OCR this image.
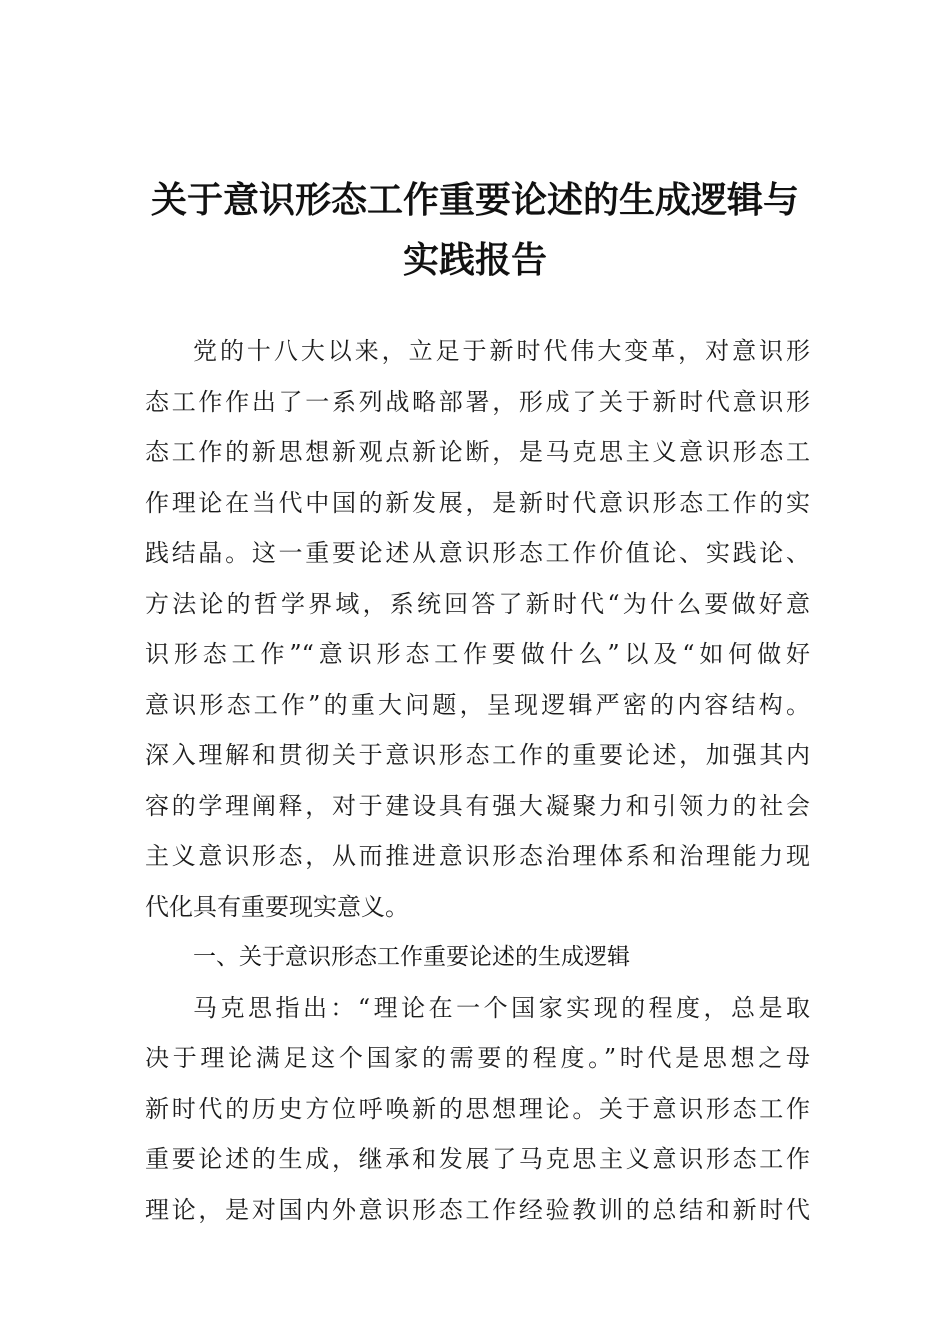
关于意识形态工作重要论述的生成逻辑与
实践报告
党的十八大以来，立足于新时代伟大变革，对意识形
态工作作出了一系列战略部署，形成了关于新时代意识形
态工作的新思想新观点新论断，是马克思主义意识形态工
作理论在当代中国的新发展，是新时代意识形态工作的实
践结晶。这一重要论述从意识形态工作价值论、实践论、
方法论的哲学界域，系统回答了新时代“为什么要做好意
识形态工作”“意识形态工作要做什么”以及“如何做好
意识形态工作”的重大问题，呈现逻辑严密的内容结构。
深入理解和贯彻关于意识形态工作的重要论述，加强其内
容的学理阐释，对于建设具有强大凝聚力和引领力的社会
主义意识形态，从而推进意识形态治理体系和治理能力现
代化具有重要现实意义。
一、关于意识形态工作重要论述的生成逻辑
马克思指出：“理论在一个国家实现的程度，总是取
决于理论满足这个国家的需要的程度。”时代是思想之母
新时代的历史方位呼唤新的思想理论。关于意识形态工作
重要论述的生成，继承和发展了马克思主义意识形态工作
理论，是对国内外意识形态工作经验教训的总结和新时代
